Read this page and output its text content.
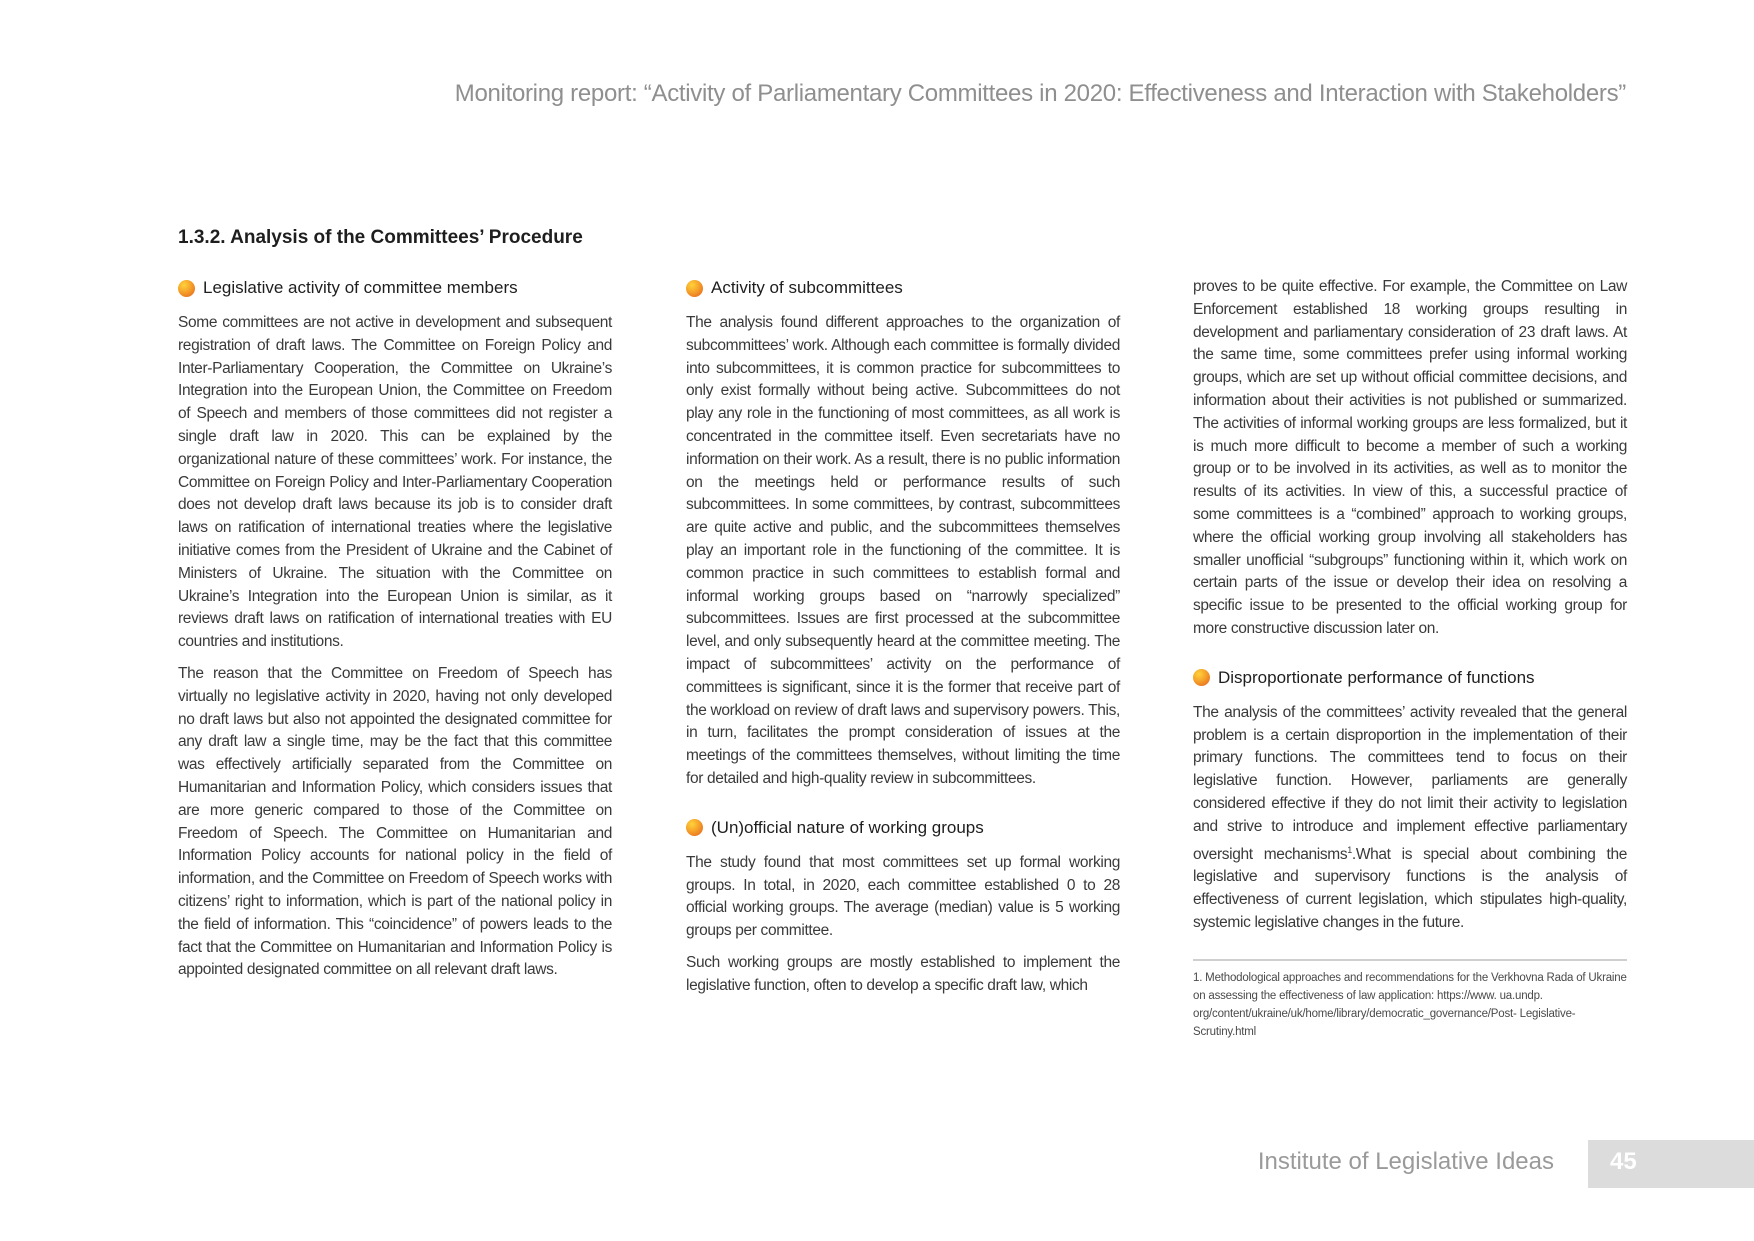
Monitoring report: “Activity of Parliamentary Committees in 2020: Effectiveness and Interaction with Stakeholders”
1.3.2. Analysis of the Committees’ Procedure
Legislative activity of committee members

Some committees are not active in development and subsequent registration of draft laws. The Committee on Foreign Policy and Inter-Parliamentary Cooperation, the Committee on Ukraine’s Integration into the European Union, the Committee on Freedom of Speech and members of those committees did not register a single draft law in 2020. This can be explained by the organizational nature of these committees’ work. For instance, the Committee on Foreign Policy and Inter-Parliamentary Cooperation does not develop draft laws because its job is to consider draft laws on ratification of international treaties where the legislative initiative comes from the President of Ukraine and the Cabinet of Ministers of Ukraine. The situation with the Committee on Ukraine’s Integration into the European Union is similar, as it reviews draft laws on ratification of international treaties with EU countries and institutions.

The reason that the Committee on Freedom of Speech has virtually no legislative activity in 2020, having not only developed no draft laws but also not appointed the designated committee for any draft law a single time, may be the fact that this committee was effectively artificially separated from the Committee on Humanitarian and Information Policy, which considers issues that are more generic compared to those of the Committee on Freedom of Speech. The Committee on Humanitarian and Information Policy accounts for national policy in the field of information, and the Committee on Freedom of Speech works with citizens’ right to information, which is part of the national policy in the field of information. This “coincidence” of powers leads to the fact that the Committee on Humanitarian and Information Policy is appointed designated committee on all relevant draft laws.

Activity of subcommittees

The analysis found different approaches to the organization of subcommittees’ work. Although each committee is formally divided into subcommittees, it is common practice for subcommittees to only exist formally without being active. Subcommittees do not play any role in the functioning of most committees, as all work is concentrated in the committee itself. Even secretariats have no information on their work. As a result, there is no public information on the meetings held or performance results of such subcommittees. In some committees, by contrast, subcommittees are quite active and public, and the subcommittees themselves play an important role in the functioning of the committee. It is common practice in such committees to establish formal and informal working groups based on “narrowly specialized” subcommittees. Issues are first processed at the subcommittee level, and only subsequently heard at the committee meeting. The impact of subcommittees’ activity on the performance of committees is significant, since it is the former that receive part of the workload on review of draft laws and supervisory powers. This, in turn, facilitates the prompt consideration of issues at the meetings of the committees themselves, without limiting the time for detailed and high-quality review in subcommittees.

(Un)official nature of working groups

The study found that most committees set up formal working groups. In total, in 2020, each committee established 0 to 28 official working groups. The average (median) value is 5 working groups per committee.

Such working groups are mostly established to implement the legislative function, often to develop a specific draft law, which

proves to be quite effective. For example, the Committee on Law Enforcement established 18 working groups resulting in development and parliamentary consideration of 23 draft laws. At the same time, some committees prefer using informal working groups, which are set up without official committee decisions, and information about their activities is not published or summarized. The activities of informal working groups are less formalized, but it is much more difficult to become a member of such a working group or to be involved in its activities, as well as to monitor the results of its activities. In view of this, a successful practice of some committees is a “combined” approach to working groups, where the official working group involving all stakeholders has smaller unofficial “subgroups” functioning within it, which work on certain parts of the issue or develop their idea on resolving a specific issue to be presented to the official working group for more constructive discussion later on.

Disproportionate performance of functions

The analysis of the committees’ activity revealed that the general problem is a certain disproportion in the implementation of their primary functions. The committees tend to focus on their legislative function. However, parliaments are generally considered effective if they do not limit their activity to legislation and strive to introduce and implement effective parliamentary oversight mechanisms$^1$.What is special about combining the legislative and supervisory functions is the analysis of effectiveness of current legislation, which stipulates high-quality, systemic legislative changes in the future.

1. Methodological approaches and recommendations for the Verkhovna Rada of Ukraine on assessing the effectiveness of law application: https://www. ua.undp. org/content/ukraine/uk/home/library/democratic_governance/Post- Legislative-Scrutiny.html
Institute of Legislative Ideas 45
